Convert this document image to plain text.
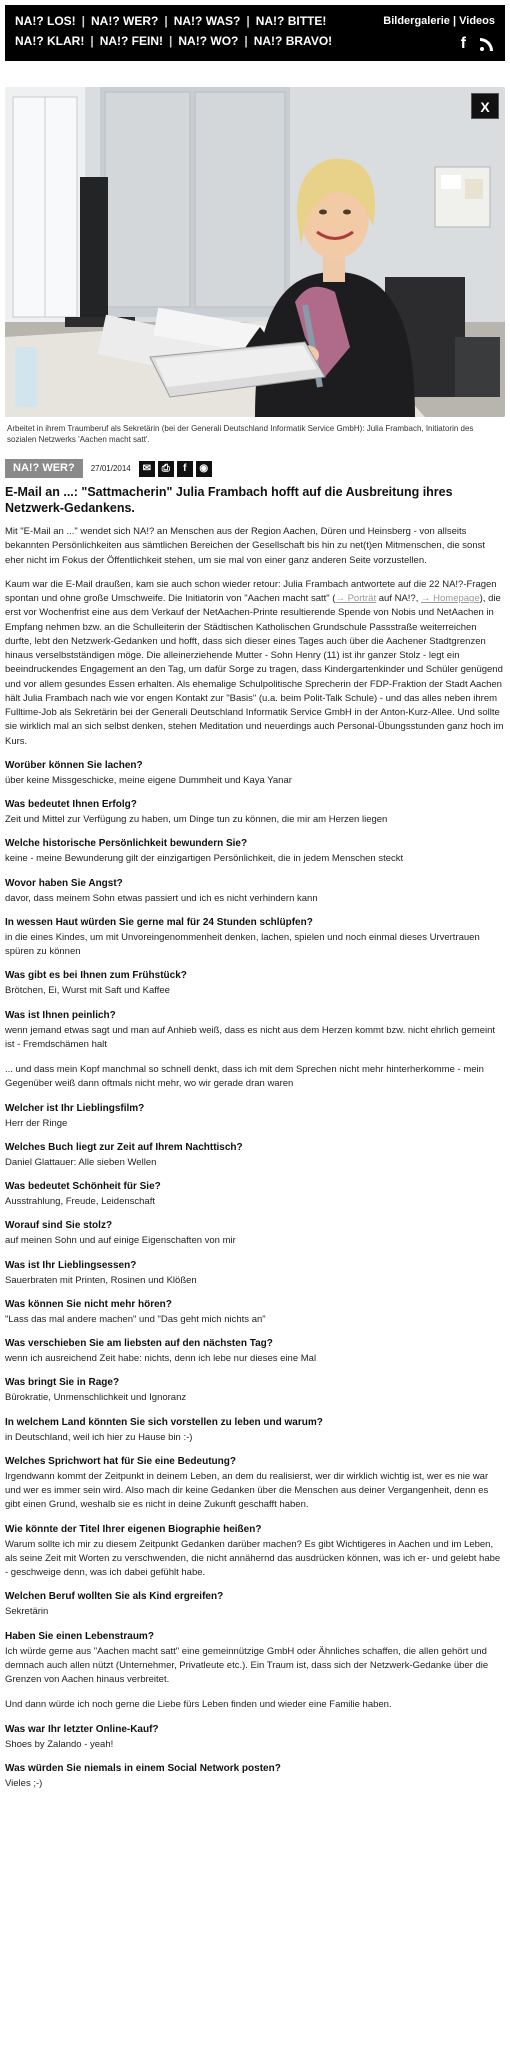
NA!? LOS! | NA!? WER? | NA!? WAS? | NA!? BITTE!
NA!? KLAR! | NA!? FEIN! | NA!? WO? | NA!? BRAVO!
Bildergalerie | Videos
f
X
Arbeitet in ihrem Traumberuf als Sekretärin (bei der Generali Deutschland Informatik Service GmbH): Julia Frambach, Initiatorin des sozialen Netzwerks 'Aachen macht satt'.
NA!? WER?	27/01/2014	✉	⎙	f	◉
E-Mail an ...: "Sattmacherin" Julia Frambach hofft auf die Ausbreitung ihres Netzwerk-Gedankens.

Mit "E-Mail an ..." wendet sich NA!? an Menschen aus der Region Aachen, Düren und Heinsberg - von allseits bekannten Persönlichkeiten aus sämtlichen Bereichen der Gesellschaft bis hin zu net(t)en Mitmenschen, die sonst eher nicht im Fokus der Öffentlichkeit stehen, um sie mal von einer ganz anderen Seite vorzustellen.

Kaum war die E-Mail draußen, kam sie auch schon wieder retour: Julia Frambach antwortete auf die 22 NA!?-Fragen spontan und ohne große Umschweife. Die Initiatorin von "Aachen macht satt" (→ Porträt auf NA!?, → Homepage), die erst vor Wochenfrist eine aus dem Verkauf der NetAachen-Printe resultierende Spende von Nobis und NetAachen in Empfang nehmen bzw. an die Schulleiterin der Städtischen Katholischen Grundschule Passstraße weiterreichen durfte, lebt den Netzwerk-Gedanken und hofft, dass sich dieser eines Tages auch über die Aachener Stadtgrenzen hinaus verselbstständigen möge. Die alleinerziehende Mutter - Sohn Henry (11) ist ihr ganzer Stolz - legt ein beeindruckendes Engagement an den Tag, um dafür Sorge zu tragen, dass Kindergartenkinder und Schüler genügend und vor allem gesundes Essen erhalten. Als ehemalige Schulpolitische Sprecherin der FDP-Fraktion der Stadt Aachen hält Julia Frambach nach wie vor engen Kontakt zur "Basis" (u.a. beim Polit-Talk Schule) - und das alles neben ihrem Fulltime-Job als Sekretärin bei der Generali Deutschland Informatik Service GmbH in der Anton-Kurz-Allee. Und sollte sie wirklich mal an sich selbst denken, stehen Meditation und neuerdings auch Personal-Übungsstunden ganz hoch im Kurs.

Worüber können Sie lachen?
über keine Missgeschicke, meine eigene Dummheit und Kaya Yanar
Was bedeutet Ihnen Erfolg?
Zeit und Mittel zur Verfügung zu haben, um Dinge tun zu können, die mir am Herzen liegen
Welche historische Persönlichkeit bewundern Sie?
keine - meine Bewunderung gilt der einzigartigen Persönlichkeit, die in jedem Menschen steckt
Wovor haben Sie Angst?
davor, dass meinem Sohn etwas passiert und ich es nicht verhindern kann
In wessen Haut würden Sie gerne mal für 24 Stunden schlüpfen?
in die eines Kindes, um mit Unvoreingenommenheit denken, lachen, spielen und noch einmal dieses Urvertrauen spüren zu können
Was gibt es bei Ihnen zum Frühstück?
Brötchen, Ei, Wurst mit Saft und Kaffee
Was ist Ihnen peinlich?
wenn jemand etwas sagt und man auf Anhieb weiß, dass es nicht aus dem Herzen kommt bzw. nicht ehrlich gemeint ist - Fremdschämen halt
... und dass mein Kopf manchmal so schnell denkt, dass ich mit dem Sprechen nicht mehr hinterherkomme - mein Gegenüber weiß dann oftmals nicht mehr, wo wir gerade dran waren
Welcher ist Ihr Lieblingsfilm?
Herr der Ringe
Welches Buch liegt zur Zeit auf Ihrem Nachttisch?
Daniel Glattauer: Alle sieben Wellen
Was bedeutet Schönheit für Sie?
Ausstrahlung, Freude, Leidenschaft
Worauf sind Sie stolz?
auf meinen Sohn und auf einige Eigenschaften von mir
Was ist Ihr Lieblingsessen?
Sauerbraten mit Printen, Rosinen und Klößen
Was können Sie nicht mehr hören?
"Lass das mal andere machen" und "Das geht mich nichts an"
Was verschieben Sie am liebsten auf den nächsten Tag?
wenn ich ausreichend Zeit habe: nichts, denn ich lebe nur dieses eine Mal
Was bringt Sie in Rage?
Bürokratie, Unmenschlichkeit und Ignoranz
In welchem Land könnten Sie sich vorstellen zu leben und warum?
in Deutschland, weil ich hier zu Hause bin :-)
Welches Sprichwort hat für Sie eine Bedeutung?
Irgendwann kommt der Zeitpunkt in deinem Leben, an dem du realisierst, wer dir wirklich wichtig ist, wer es nie war und wer es immer sein wird. Also mach dir keine Gedanken über die Menschen aus deiner Vergangenheit, denn es gibt einen Grund, weshalb sie es nicht in deine Zukunft geschafft haben.
Wie könnte der Titel Ihrer eigenen Biographie heißen?
Warum sollte ich mir zu diesem Zeitpunkt Gedanken darüber machen? Es gibt Wichtigeres in Aachen und im Leben, als seine Zeit mit Worten zu verschwenden, die nicht annähernd das ausdrücken können, was ich er- und gelebt habe - geschweige denn, was ich dabei gefühlt habe.
Welchen Beruf wollten Sie als Kind ergreifen?
Sekretärin
Haben Sie einen Lebenstraum?
Ich würde gerne aus "Aachen macht satt" eine gemeinnützige GmbH oder Ähnliches schaffen, die allen gehört und demnach auch allen nützt (Unternehmer, Privatleute etc.). Ein Traum ist, dass sich der Netzwerk-Gedanke über die Grenzen von Aachen hinaus verbreitet.
Und dann würde ich noch gerne die Liebe fürs Leben finden und wieder eine Familie haben.
Was war Ihr letzter Online-Kauf?
Shoes by Zalando - yeah!
Was würden Sie niemals in einem Social Network posten?
Vieles ;-)
